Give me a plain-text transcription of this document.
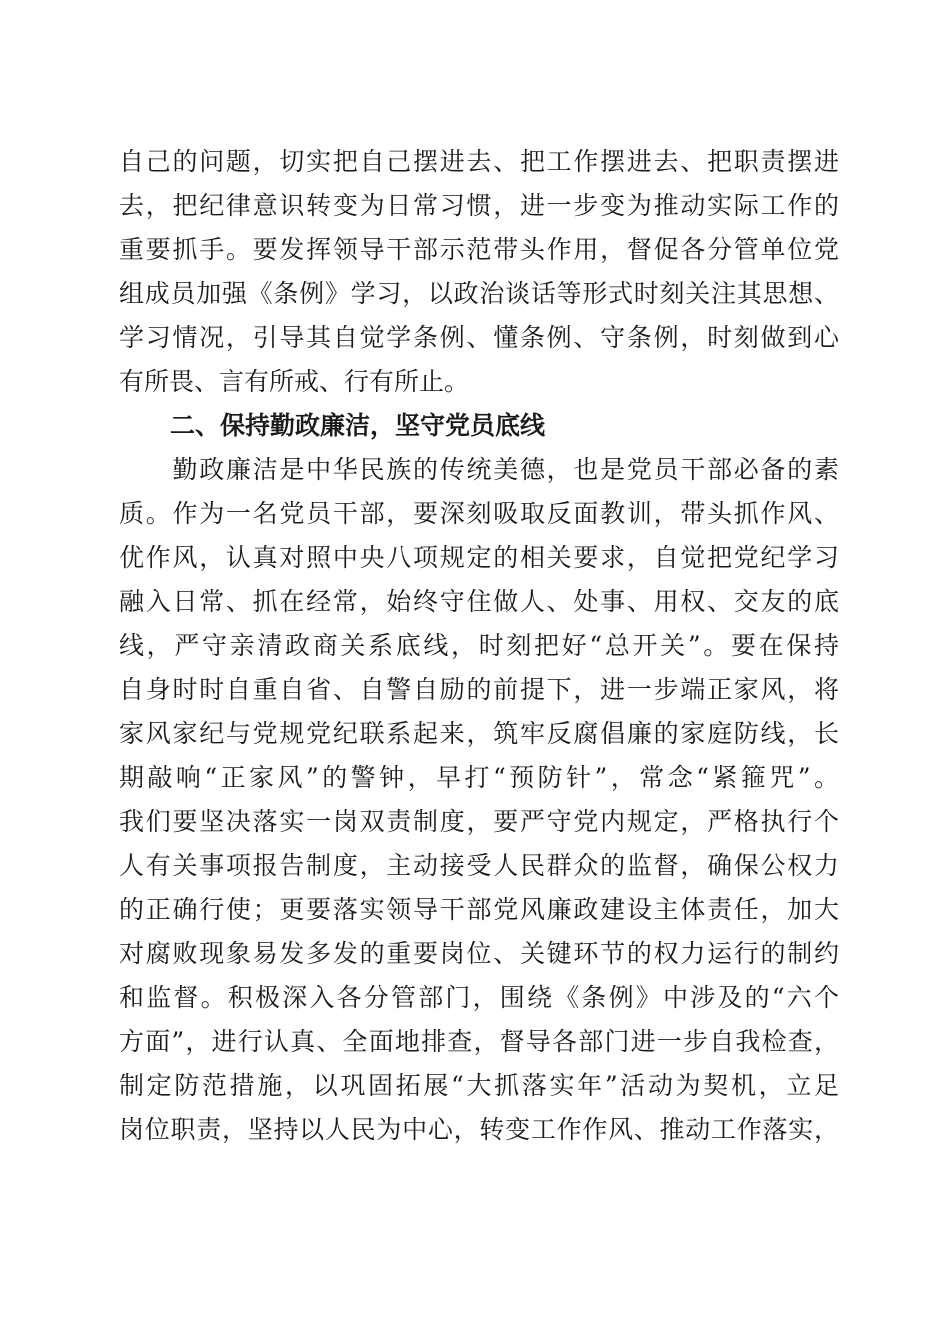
自己的问题，切实把自己摆进去、把工作摆进去、把职责摆进
去，把纪律意识转变为日常习惯，进一步变为推动实际工作的
重要抓手。要发挥领导干部示范带头作用，督促各分管单位党
组成员加强《条例》学习，以政治谈话等形式时刻关注其思想、
学习情况，引导其自觉学条例、懂条例、守条例，时刻做到心
有所畏、言有所戒、行有所止。
二、保持勤政廉洁，坚守党员底线
　　勤政廉洁是中华民族的传统美德，也是党员干部必备的素
质。作为一名党员干部，要深刻吸取反面教训，带头抓作风、
优作风，认真对照中央八项规定的相关要求，自觉把党纪学习
融入日常、抓在经常，始终守住做人、处事、用权、交友的底
线，严守亲清政商关系底线，时刻把好“总开关”。要在保持
自身时时自重自省、自警自励的前提下，进一步端正家风，将
家风家纪与党规党纪联系起来，筑牢反腐倡廉的家庭防线，长
期敲响“正家风”的警钟，早打“预防针”，常念“紧箍咒”。
我们要坚决落实一岗双责制度，要严守党内规定，严格执行个
人有关事项报告制度，主动接受人民群众的监督，确保公权力
的正确行使；更要落实领导干部党风廉政建设主体责任，加大
对腐败现象易发多发的重要岗位、关键环节的权力运行的制约
和监督。积极深入各分管部门，围绕《条例》中涉及的“六个
方面”，进行认真、全面地排查，督导各部门进一步自我检查，
制定防范措施，以巩固拓展“大抓落实年”活动为契机，立足
岗位职责，坚持以人民为中心，转变工作作风、推动工作落实，
